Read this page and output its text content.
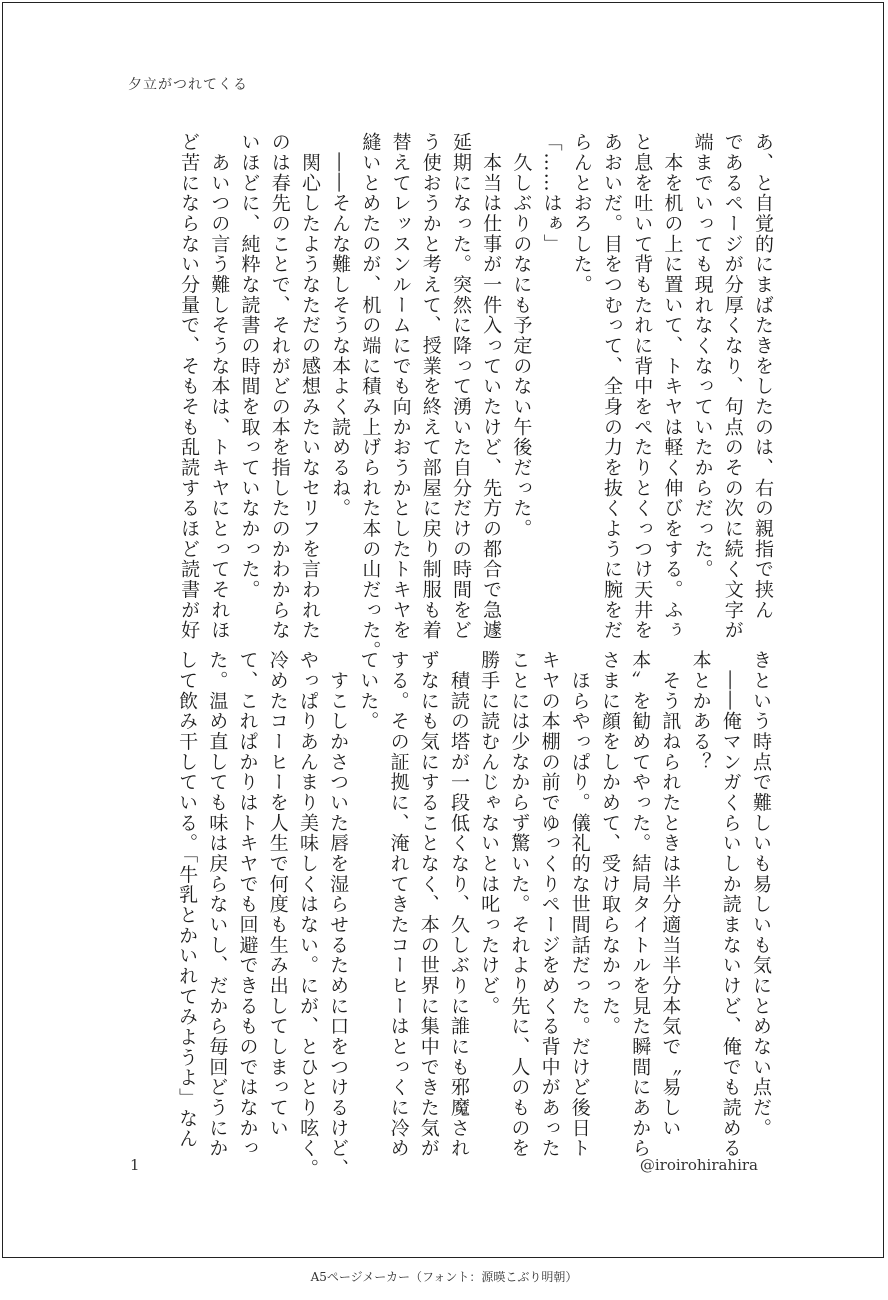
夕立がつれてくる
あ、と自覚的にまばたきをしたのは、右の親指で挟ん
であるページが分厚くなり、句点のその次に続く文字が
端までいっても現れなくなっていたからだった。
　本を机の上に置いて、トキヤは軽く伸びをする。ふぅ
と息を吐いて背もたれに背中をぺたりとくっつけ天井を
あおいだ。目をつむって、全身の力を抜くように腕をだ
らんとおろした。
「……はぁ」
　久しぶりのなにも予定のない午後だった。
　本当は仕事が一件入っていたけど、先方の都合で急遽
延期になった。突然に降って湧いた自分だけの時間をど
う使おうかと考えて、授業を終えて部屋に戻り制服も着
替えてレッスンルームにでも向かおうかとしたトキヤを
縫いとめたのが、机の端に積み上げられた本の山だった。
　――そんな難しそうな本よく読めるね。
　関心したようなただの感想みたいなセリフを言われた
のは春先のことで、それがどの本を指したのかわからな
いほどに、純粋な読書の時間を取っていなかった。
　あいつの言う難しそうな本は、トキヤにとってそれほ
ど苦にならない分量で、そもそも乱読するほど読書が好
きという時点で難しいも易しいも気にとめない点だ。
　――俺マンガくらいしか読まないけど、俺でも読める
本とかある？
　そう訊ねられたときは半分適当半分本気で〝易しい
本〟を勧めてやった。結局タイトルを見た瞬間にあから
さまに顔をしかめて、受け取らなかった。
　ほらやっぱり。儀礼的な世間話だった。だけど後日ト
キヤの本棚の前でゆっくりページをめくる背中があった
ことには少なからず驚いた。それより先に、人のものを
勝手に読むんじゃないとは叱ったけど。
　積読の塔が一段低くなり、久しぶりに誰にも邪魔され
ずなにも気にすることなく、本の世界に集中できた気が
する。その証拠に、淹れてきたコーヒーはとっくに冷め
ていた。
　すこしかさついた唇を湿らせるために口をつけるけど、
やっぱりあんまり美味しくはない。にが、とひとり呟く。
冷めたコーヒーを人生で何度も生み出してしまってい
て、これぱかりはトキヤでも回避できるものではなかっ
た。温め直しても味は戻らないし、だから毎回どうにか
して飲み干している。「牛乳とかいれてみようよ」なん
1	@iroirohirahira
A5ページメーカー（フォント：源暎こぶり明朝）
